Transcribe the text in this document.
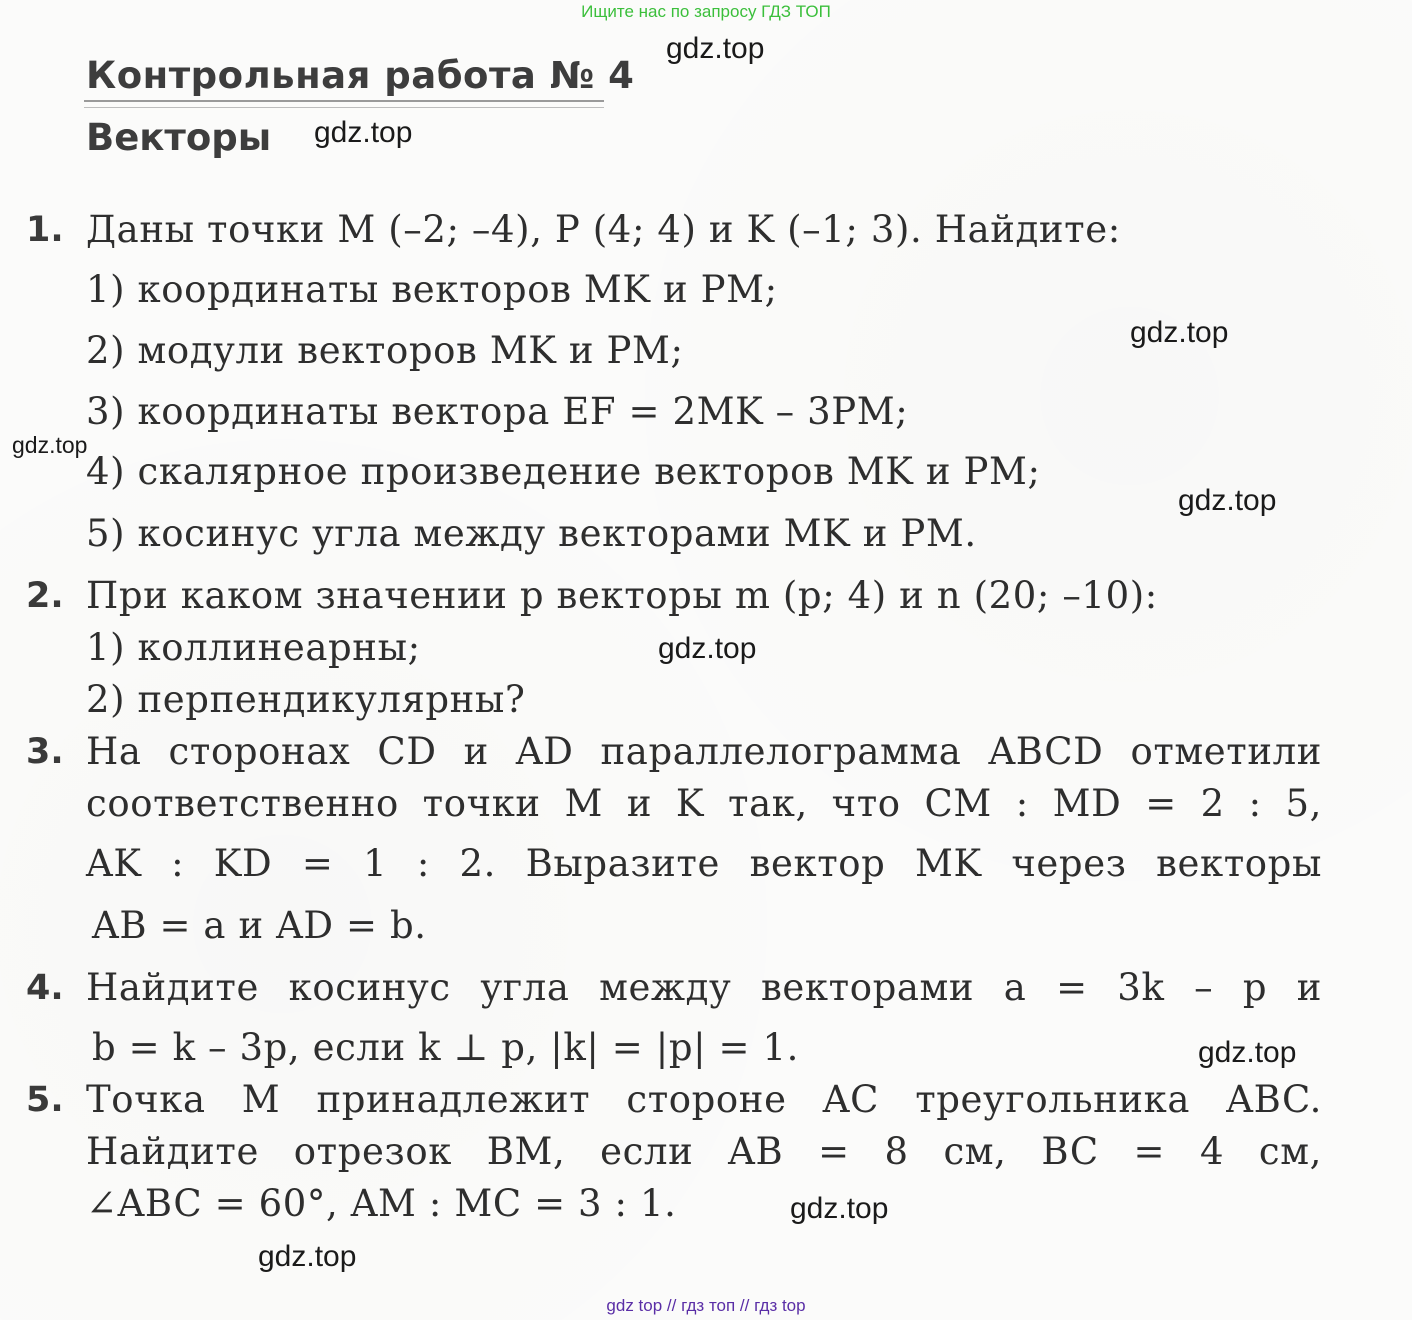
Ищите нас по запросу ГДЗ ТОП
gdz top // гдз топ // гдз top
gdz.top
gdz.top
gdz.top
gdz.top
gdz.top
gdz.top
gdz.top
gdz.top
gdz.top
Контрольная работа № 4
Векторы
1. Даны точки M (–2; –4), P (4; 4) и K (–1; 3). Найдите:
1) координаты векторов MK и PM;
2) модули векторов MK и PM;
3) координаты вектора EF = 2MK – 3PM;
4) скалярное произведение векторов MK и PM;
5) косинус угла между векторами MK и PM.
2. При каком значении p векторы m (p; 4) и n (20; –10):
1) коллинеарны;
2) перпендикулярны?
3. На сторонах CD и AD параллелограмма ABCD отметили
соответственно точки M и K так, что CM : MD = 2 : 5,
AK : KD = 1 : 2. Выразите вектор MK через векторы
AB = a и AD = b.
4. Найдите косинус угла между векторами a = 3k – p и
b = k – 3p, если k ⊥ p, |k| = |p| = 1.
5. Точка M принадлежит стороне AC треугольника ABC.
Найдите отрезок BM, если AB = 8 см, BC = 4 см,
∠ABC = 60°, AM : MC = 3 : 1.
